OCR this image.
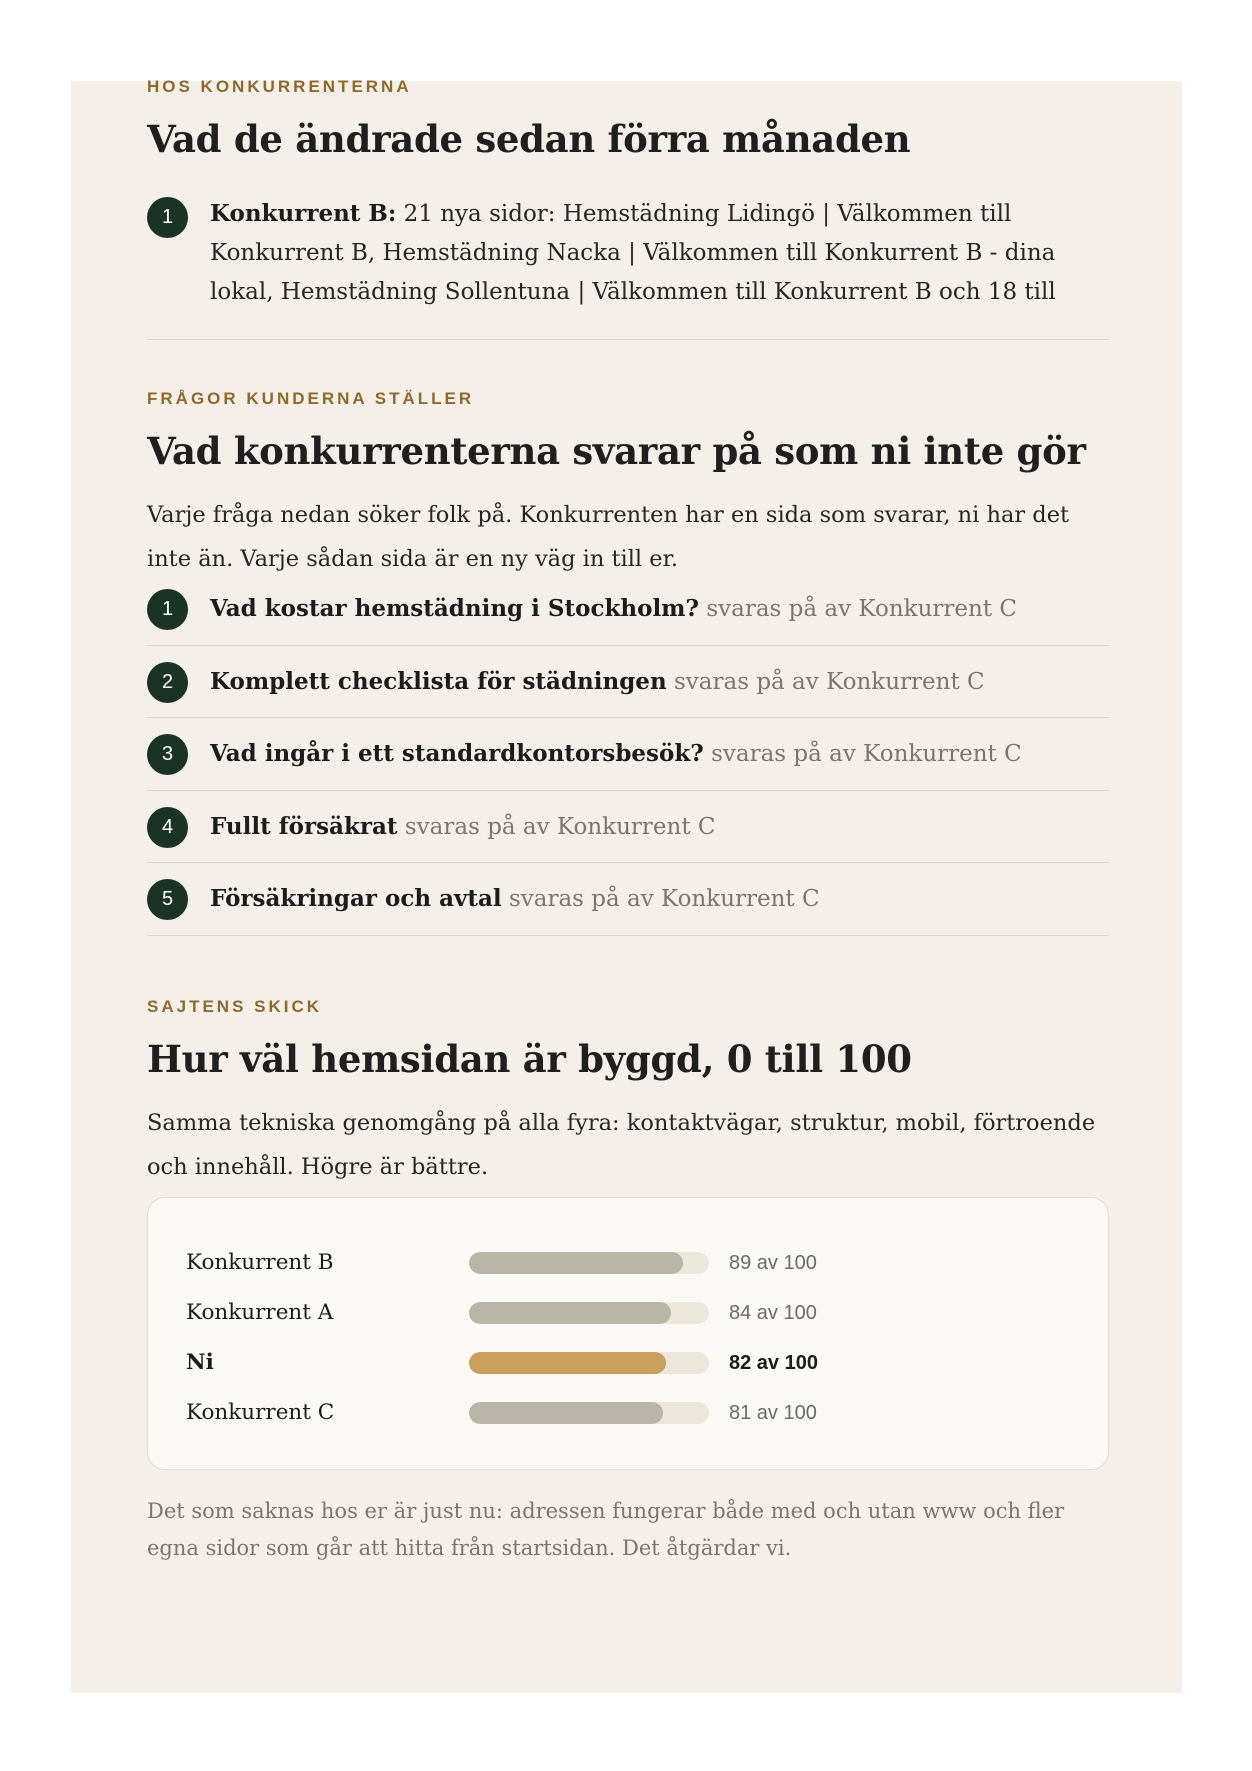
HOS KONKURRENTERNA

Vad de ändrade sedan förra månaden
1	Konkurrent B: 21 nya sidor: Hemstädning Lidingö | Välkommen till Konkurrent B, Hemstädning Nacka | Välkommen till Konkurrent B - dina lokal, Hemstädning Sollentuna | Välkommen till Konkurrent B och 18 till

FRÅGOR KUNDERNA STÄLLER

Vad konkurrenterna svarar på som ni inte gör

Varje fråga nedan söker folk på. Konkurrenten har en sida som svarar, ni har det inte än. Varje sådan sida är en ny väg in till er.

1	Vad kostar hemstädning i Stockholm? svaras på av Konkurrent C
2	Komplett checklista för städningen svaras på av Konkurrent C
3	Vad ingår i ett standardkontorsbesök? svaras på av Konkurrent C
4	Fullt försäkrat svaras på av Konkurrent C
5	Försäkringar och avtal svaras på av Konkurrent C

SAJTENS SKICK

Hur väl hemsidan är byggd, 0 till 100

Samma tekniska genomgång på alla fyra: kontaktvägar, struktur, mobil, förtroende och innehåll. Högre är bättre.

Konkurrent B	89 av 100
Konkurrent A	84 av 100
Ni	82 av 100
Konkurrent C	81 av 100

Det som saknas hos er är just nu: adressen fungerar både med och utan www och fler egna sidor som går att hitta från startsidan. Det åtgärdar vi.
